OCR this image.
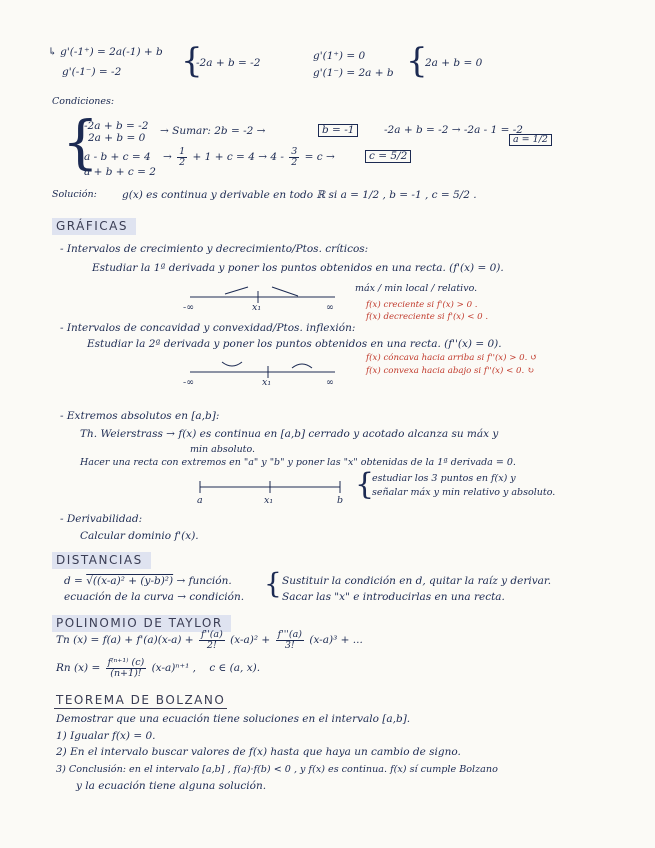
↳ g'(-1⁺) = 2a(-1) + b
g'(-1⁻) = -2 {
-2a + b = -2
g'(1⁺) = 0
g'(1⁻) = 2a + b {
2a + b = 0
Condiciones:
{
-2a + b = -2
2a + b = 0
→ Sumar: 2b = -2 →	b = -1	-2a + b = -2 → -2a - 1 = -2
a = 1/2
$a - b + c = 4 \to \frac{1}{2} + 1 + c = 4 \to 4 - \frac{3}{2} = c$ →	c = 5/2
a + b + c = 2
Solución: g(x) es continua y derivable en todo ℝ si a = 1/2 , b = -1 , c = 5/2 .
GRÁFICAS
- Intervalos de crecimiento y decrecimiento/Ptos. críticos:
Estudiar la 1ª derivada y poner los puntos obtenidos en una recta. (f'(x) = 0).
-∞	x₁	∞
máx / min local / relativo.
f(x) creciente si f'(x) > 0 .
f(x) decreciente si f'(x) < 0 .
- Intervalos de concavidad y convexidad/Ptos. inflexión:
Estudiar la 2ª derivada y poner los puntos obtenidos en una recta. (f''(x) = 0).
-∞	x₁	∞
f(x) cóncava hacia arriba si f''(x) > 0. ↺
f(x) convexa hacia abajo si f''(x) < 0. ↻
- Extremos absolutos en [a,b]:
Th. Weierstrass → f(x) es continua en [a,b] cerrado y acotado alcanza su máx y
min absoluto.
Hacer una recta con extremos en "a" y "b" y poner las "x" obtenidas de la 1ª derivada = 0.
a	x₁	b {
estudiar los 3 puntos en f(x) y
señalar máx y min relativo y absoluto.
- Derivabilidad:
Calcular dominio f'(x).
DISTANCIAS
d = √((x-a)² + (y-b)²) → función.
ecuación de la curva → condición. { Sustituir la condición en d, quitar la raíz y derivar.
Sacar las "x" e introducirlas en una recta.
POLINOMIO DE TAYLOR
Tn $(x) = f(a) + f'(a)(x-a) + \frac{f''(a)}{2!} (x-a)^2 + \frac{f'''(a)}{3!} (x-a)^3$ + ...
Rn $(x) = \frac{\text{f⁽ⁿ⁺¹⁾ (c)}}{(n+1)!} (x-a)^{n+1}$ , c ∈ (a, x).
TEOREMA DE BOLZANO
Demostrar que una ecuación tiene soluciones en el intervalo [a,b].
1) Igualar f(x) = 0.
2) En el intervalo buscar valores de f(x) hasta que haya un cambio de signo.
3) Conclusión: en el intervalo [a,b] , f(a)·f(b) < 0 , y f(x) es continua. f(x) sí cumple Bolzano
y la ecuación tiene alguna solución.
